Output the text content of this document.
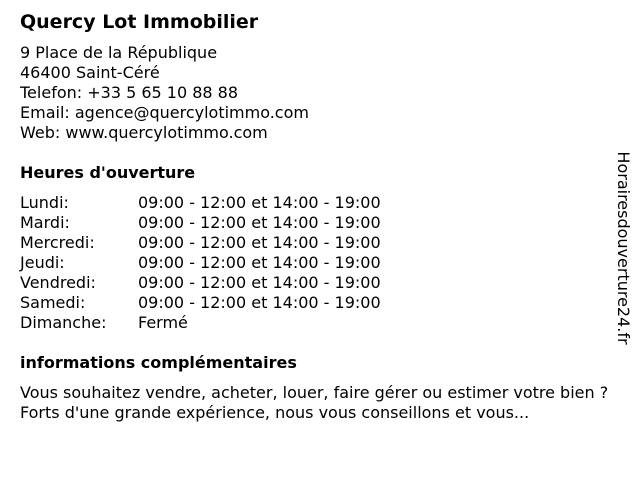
Quercy Lot Immobilier
9 Place de la République
46400 Saint-Céré
Telefon: +33 5 65 10 88 88
Email: agence@quercylotimmo.com
Web: www.quercylotimmo.com
Heures d'ouverture
Lundi:	09:00 - 12:00 et 14:00 - 19:00
Mardi:	09:00 - 12:00 et 14:00 - 19:00
Mercredi:	09:00 - 12:00 et 14:00 - 19:00
Jeudi:	09:00 - 12:00 et 14:00 - 19:00
Vendredi:	09:00 - 12:00 et 14:00 - 19:00
Samedi:	09:00 - 12:00 et 14:00 - 19:00
Dimanche:	Fermé
informations complémentaires
Vous souhaitez vendre, acheter, louer, faire gérer ou estimer votre bien ? Forts d'une grande expérience, nous vous conseillons et vous...
Horairesdouverture24.fr
